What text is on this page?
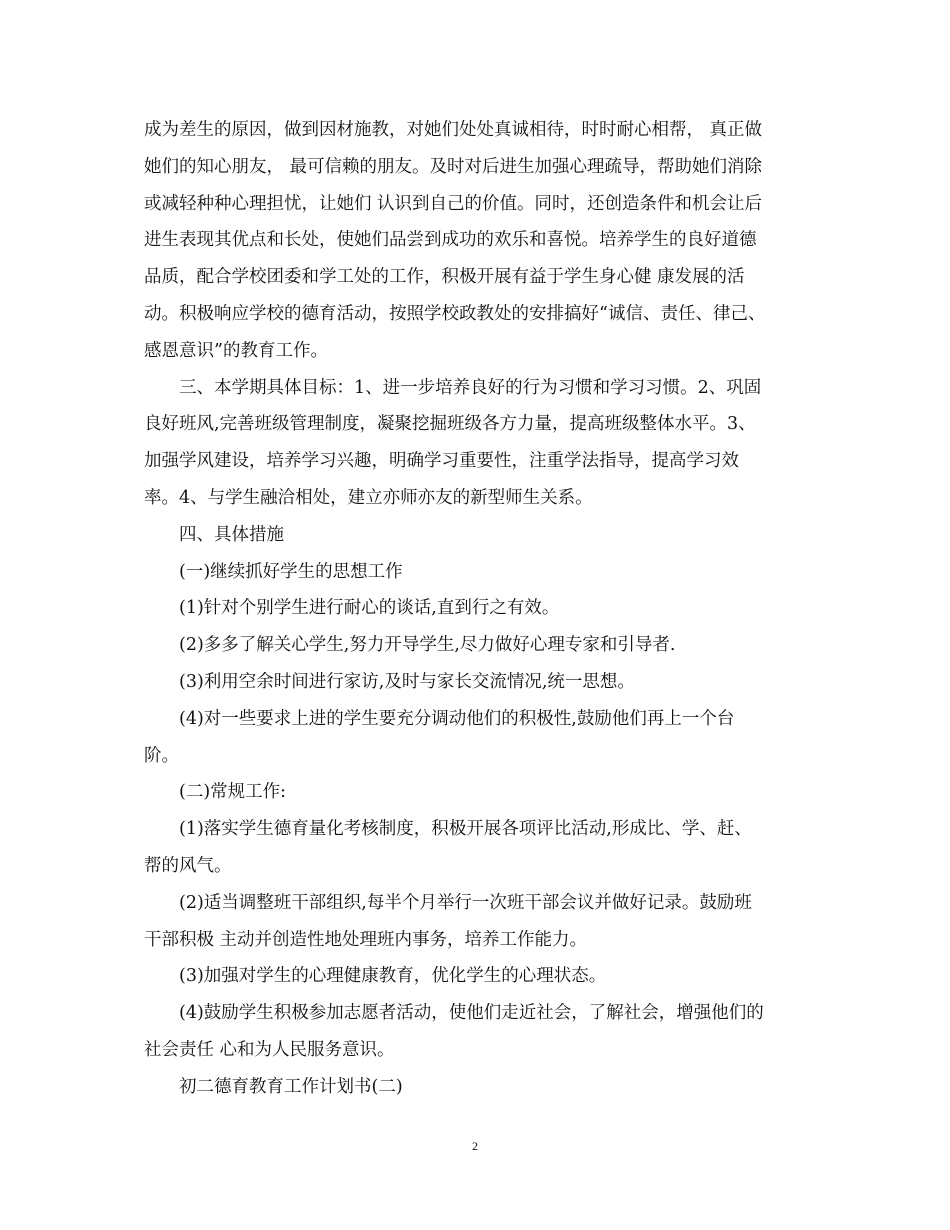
成为差生的原因，做到因材施教，对她们处处真诚相待，时时耐心相帮， 真正做
她们的知心朋友， 最可信赖的朋友。及时对后进生加强心理疏导，帮助她们消除
或减轻种种心理担忧，让她们 认识到自己的价值。同时，还创造条件和机会让后
进生表现其优点和长处，使她们品尝到成功的欢乐和喜悦。培养学生的良好道德
品质，配合学校团委和学工处的工作，积极开展有益于学生身心健 康发展的活
动。积极响应学校的德育活动，按照学校政教处的安排搞好“诚信、责任、律己、
感恩意识”的教育工作。
三、本学期具体目标：1、进一步培养良好的行为习惯和学习习惯。2、巩固
良好班风,完善班级管理制度，凝聚挖掘班级各方力量，提高班级整体水平。3、
加强学风建设，培养学习兴趣，明确学习重要性，注重学法指导，提高学习效
率。4、与学生融洽相处，建立亦师亦友的新型师生关系。
四、具体措施
(一)继续抓好学生的思想工作
(1)针对个别学生进行耐心的谈话,直到行之有效。
(2)多多了解关心学生,努力开导学生,尽力做好心理专家和引导者.
(3)利用空余时间进行家访,及时与家长交流情况,统一思想。
(4)对一些要求上进的学生要充分调动他们的积极性,鼓励他们再上一个台
阶。
(二)常规工作:
(1)落实学生德育量化考核制度，积极开展各项评比活动,形成比、学、赶、
帮的风气。
(2)适当调整班干部组织,每半个月举行一次班干部会议并做好记录。鼓励班
干部积极 主动并创造性地处理班内事务，培养工作能力。
(3)加强对学生的心理健康教育，优化学生的心理状态。
(4)鼓励学生积极参加志愿者活动，使他们走近社会，了解社会，增强他们的
社会责任 心和为人民服务意识。
初二德育教育工作计划书(二)
2
